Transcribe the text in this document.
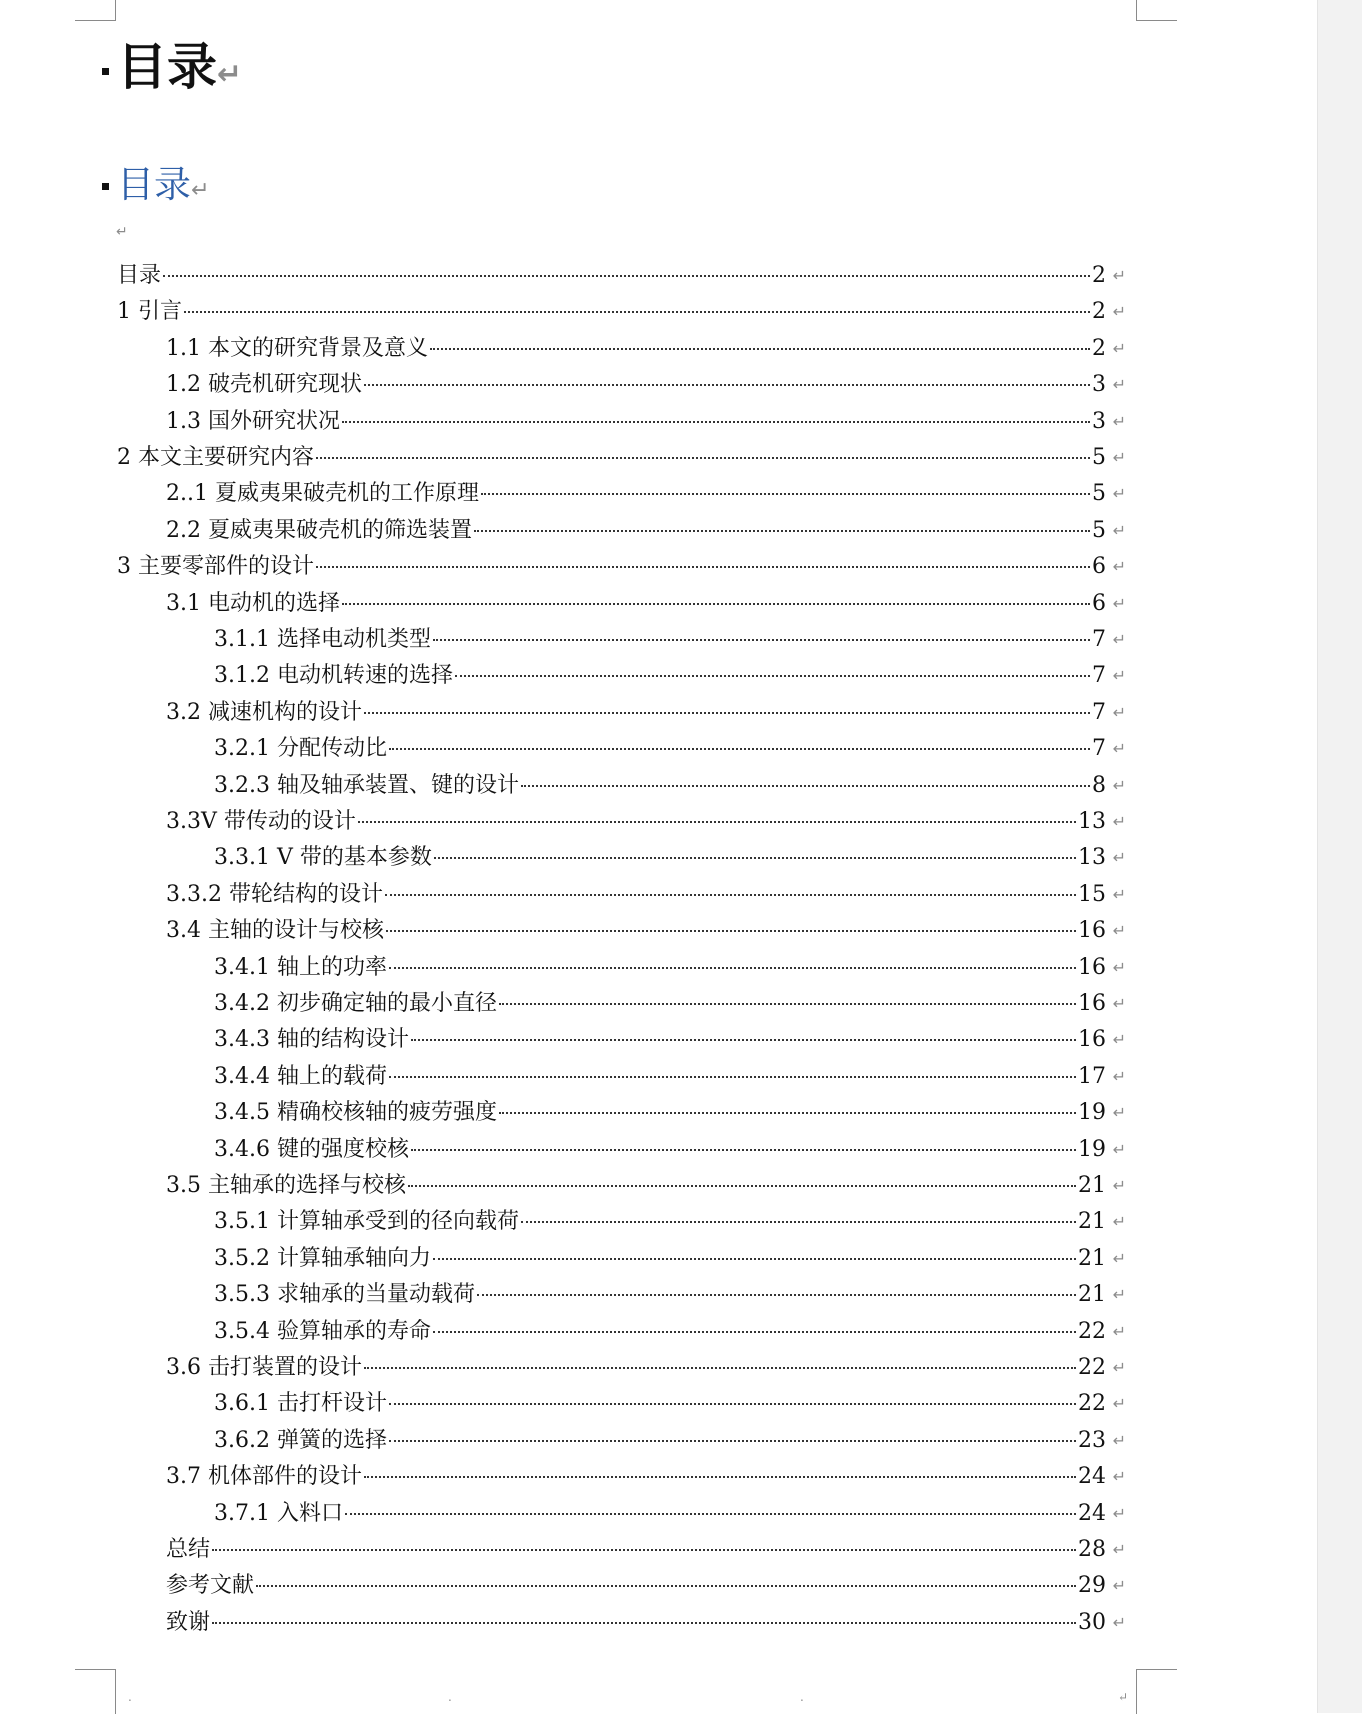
目录↵
目录↵
↵
目录	2 ↵
1 引言	2 ↵
1.1 本文的研究背景及意义	2 ↵
1.2 破壳机研究现状	3 ↵
1.3 国外研究状况	3 ↵
2 本文主要研究内容	5 ↵
2..1 夏威夷果破壳机的工作原理	5 ↵
2.2 夏威夷果破壳机的筛选装置	5 ↵
3 主要零部件的设计	6 ↵
3.1 电动机的选择	6 ↵
3.1.1 选择电动机类型	7 ↵
3.1.2 电动机转速的选择	7 ↵
3.2 减速机构的设计	7 ↵
3.2.1 分配传动比	7 ↵
3.2.3 轴及轴承装置、键的设计	8 ↵
3.3V 带传动的设计	13 ↵
3.3.1 V 带的基本参数	13 ↵
3.3.2 带轮结构的设计	15 ↵
3.4 主轴的设计与校核	16 ↵
3.4.1 轴上的功率	16 ↵
3.4.2 初步确定轴的最小直径	16 ↵
3.4.3 轴的结构设计	16 ↵
3.4.4 轴上的载荷	17 ↵
3.4.5 精确校核轴的疲劳强度	19 ↵
3.4.6 键的强度校核	19 ↵
3.5 主轴承的选择与校核	21 ↵
3.5.1 计算轴承受到的径向载荷	21 ↵
3.5.2 计算轴承轴向力	21 ↵
3.5.3 求轴承的当量动载荷	21 ↵
3.5.4 验算轴承的寿命	22 ↵
3.6 击打装置的设计	22 ↵
3.6.1 击打杆设计	22 ↵
3.6.2 弹簧的选择	23 ↵
3.7 机体部件的设计	24 ↵
3.7.1 入料口	24 ↵
总结	28 ↵
参考文献	29 ↵
致谢	30 ↵
.	.	.	↵
